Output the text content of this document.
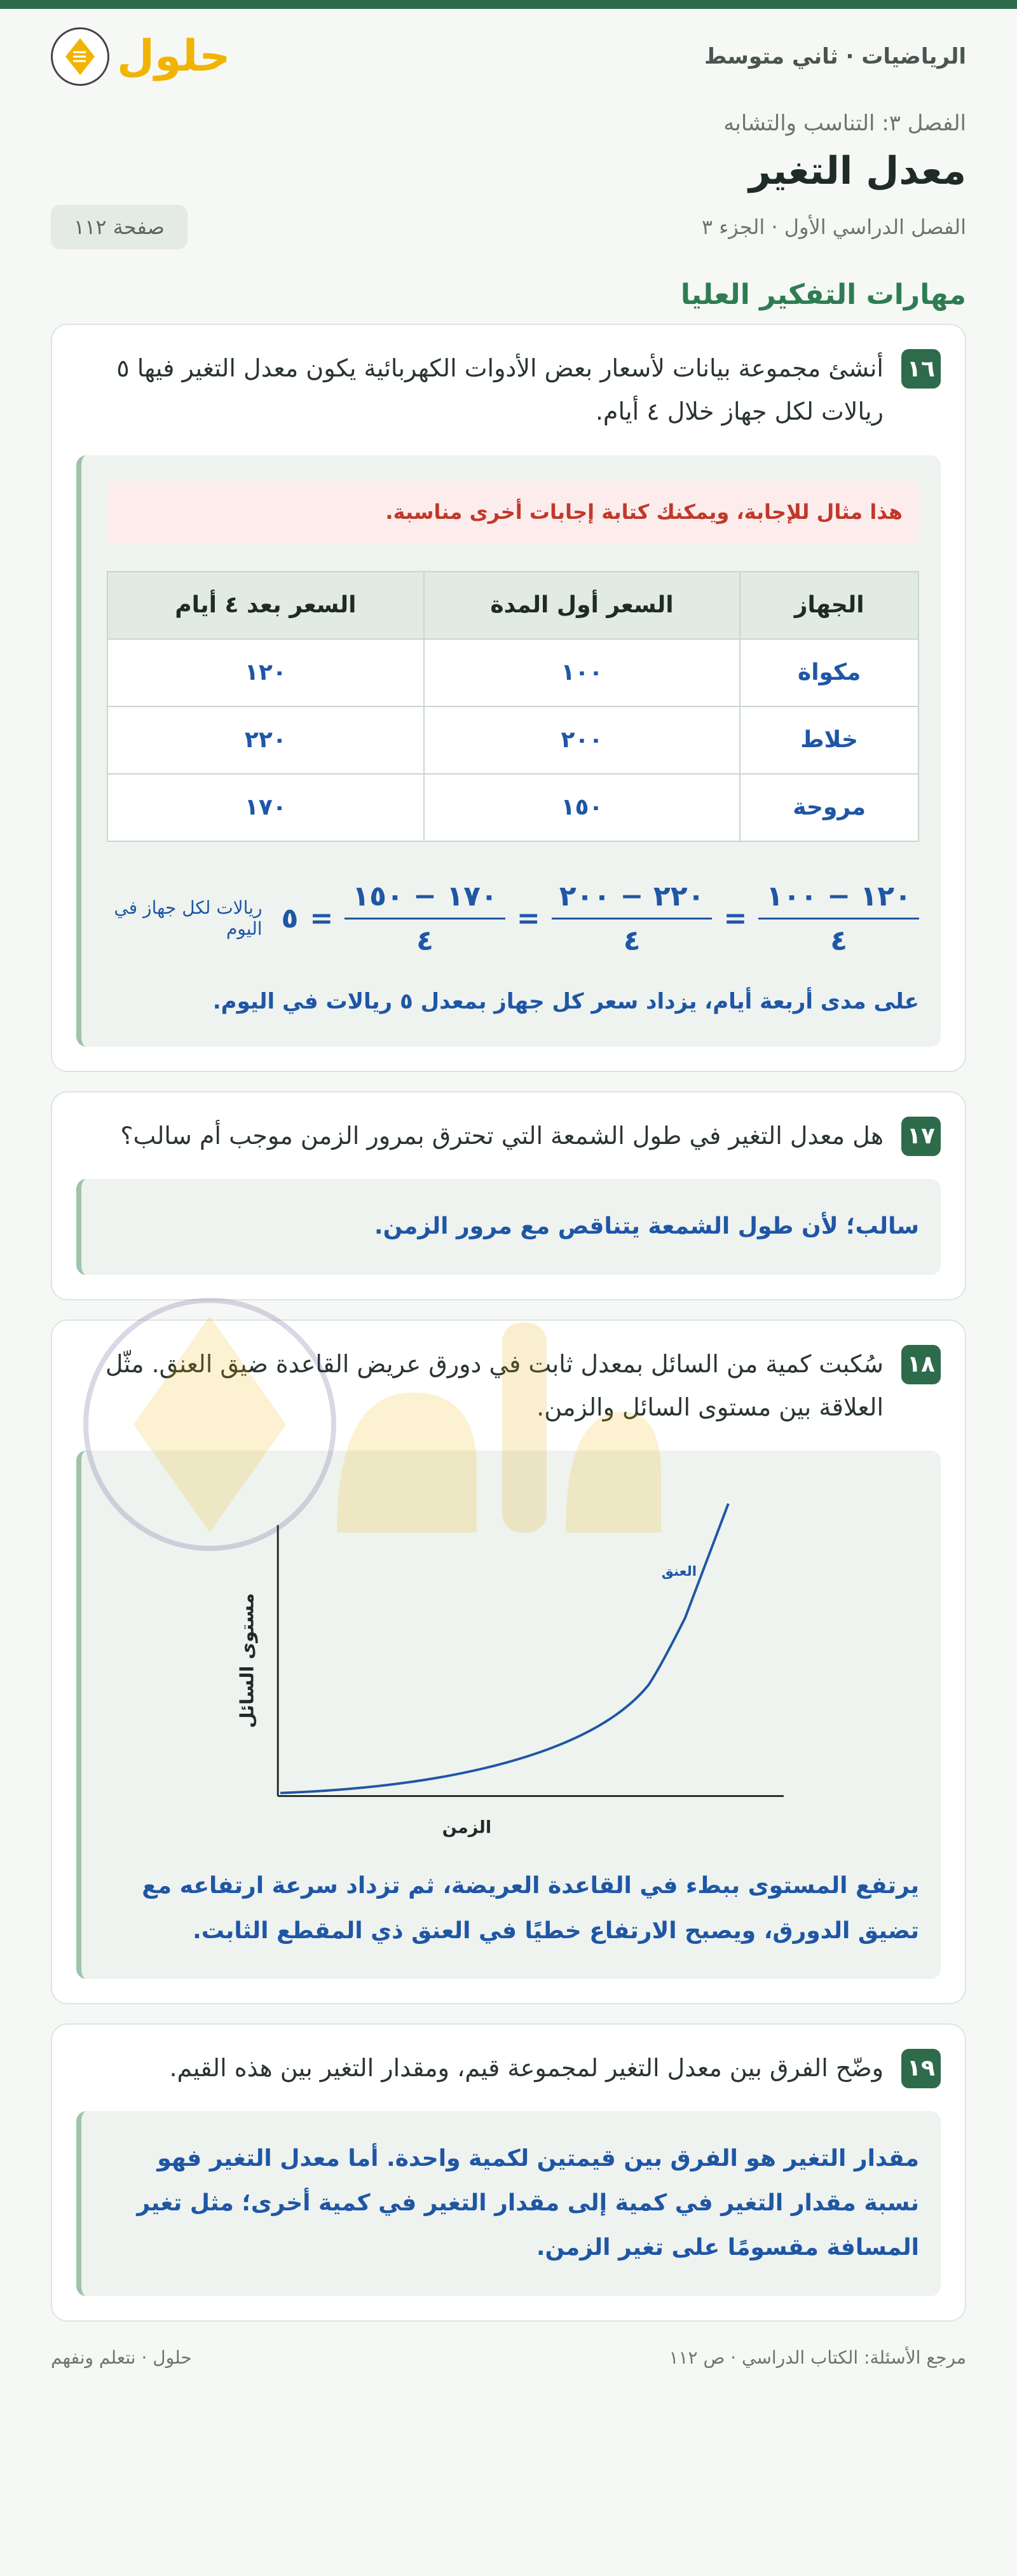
الرياضيات · ثاني متوسط
حلول
الفصل ٣: التناسب والتشابه
معدل التغير
الفصل الدراسي الأول · الجزء ٣
صفحة ١١٢
مهارات التفكير العليا
١٦
أنشئ مجموعة بيانات لأسعار بعض الأدوات الكهربائية يكون معدل التغير فيها ٥ ريالات لكل جهاز خلال ٤ أيام.
هذا مثال للإجابة، ويمكنك كتابة إجابات أخرى مناسبة.
الجهاز	السعر أول المدة	السعر بعد ٤ أيام
مكواة	١٠٠	١٢٠
خلاط	٢٠٠	٢٢٠
مروحة	١٥٠	١٧٠
$\frac{١٢٠ - ١٠٠}{٤}$
=
$\frac{٢٢٠ - ٢٠٠}{٤}$
=
$\frac{١٧٠ - ١٥٠}{٤}$
=
٥
ريالات لكل جهاز في اليوم
على مدى أربعة أيام، يزداد سعر كل جهاز بمعدل ٥ ريالات في اليوم.
١٧
هل معدل التغير في طول الشمعة التي تحترق بمرور الزمن موجب أم سالب؟
سالب؛ لأن طول الشمعة يتناقص مع مرور الزمن.
١٨
سُكبت كمية من السائل بمعدل ثابت في دورق عريض القاعدة ضيق العنق. مثّل العلاقة بين مستوى السائل والزمن.
العنق
الزمن
مستوى السائل
يرتفع المستوى ببطء في القاعدة العريضة، ثم تزداد سرعة ارتفاعه مع تضيق الدورق، ويصبح الارتفاع خطيًا في العنق ذي المقطع الثابت.
١٩
وضّح الفرق بين معدل التغير لمجموعة قيم، ومقدار التغير بين هذه القيم.
مقدار التغير هو الفرق بين قيمتين لكمية واحدة. أما معدل التغير فهو نسبة مقدار التغير في كمية إلى مقدار التغير في كمية أخرى؛ مثل تغير المسافة مقسومًا على تغير الزمن.
مرجع الأسئلة: الكتاب الدراسي · ص ١١٢
حلول · نتعلم ونفهم
